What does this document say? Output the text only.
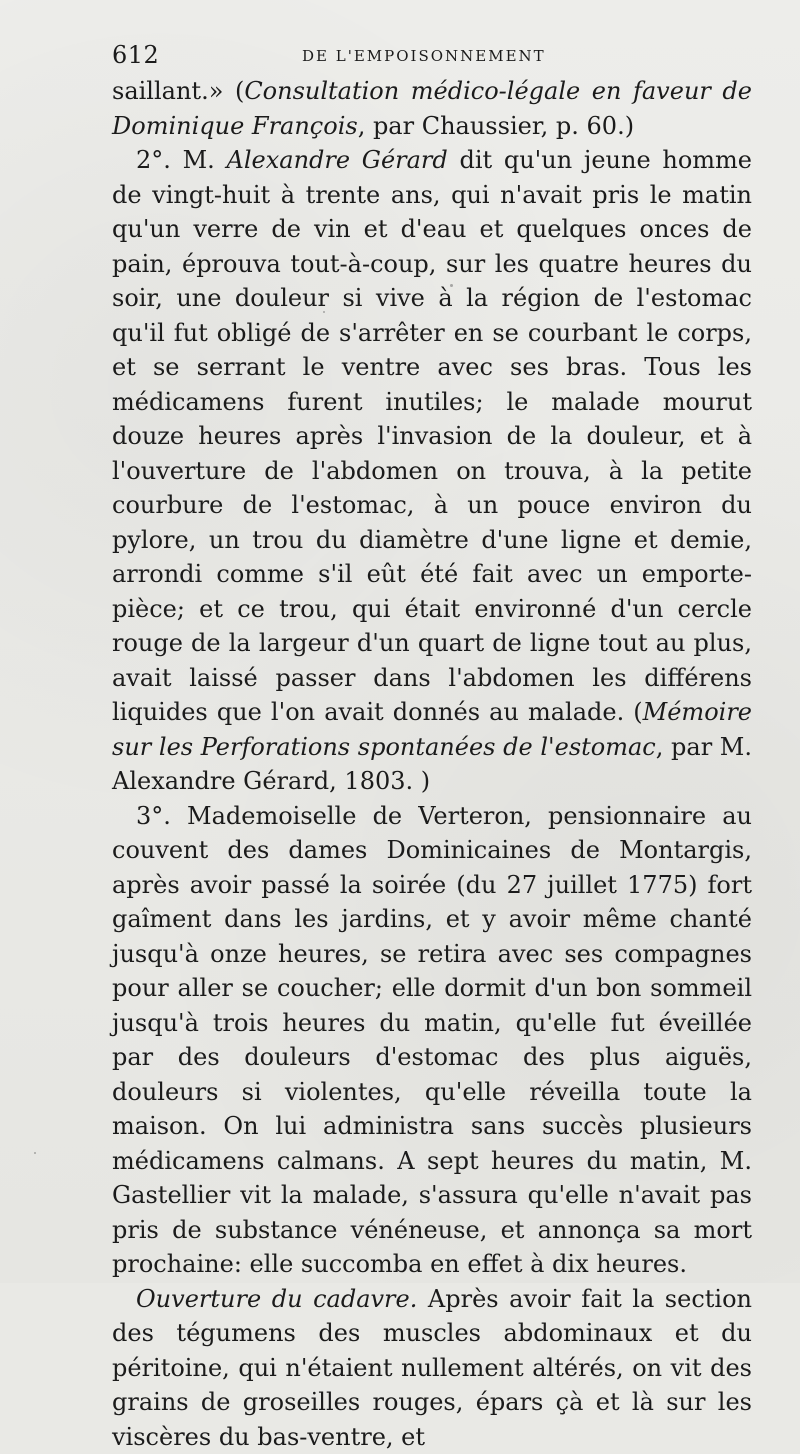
612	DE L'EMPOISONNEMENT

saillant.» (Consultation médico-légale en faveur de Dominique François, par Chaussier, p. 60.)

2°. M. Alexandre Gérard dit qu'un jeune homme de vingt-huit à trente ans, qui n'avait pris le matin qu'un verre de vin et d'eau et quelques onces de pain, éprouva tout-à-coup, sur les quatre heures du soir, une douleur si vive à la région de l'estomac qu'il fut obligé de s'arrêter en se courbant le corps, et se serrant le ventre avec ses bras. Tous les médicamens furent inutiles; le malade mourut douze heures après l'invasion de la douleur, et à l'ouverture de l'abdomen on trouva, à la petite courbure de l'estomac, à un pouce environ du pylore, un trou du diamètre d'une ligne et demie, arrondi comme s'il eût été fait avec un emporte-pièce; et ce trou, qui était environné d'un cercle rouge de la largeur d'un quart de ligne tout au plus, avait laissé passer dans l'abdomen les différens liquides que l'on avait donnés au malade. (Mémoire sur les Perforations spontanées de l'estomac, par M. Alexandre Gérard, 1803. )

3°. Mademoiselle de Verteron, pensionnaire au couvent des dames Dominicaines de Montargis, après avoir passé la soirée (du 27 juillet 1775) fort gaîment dans les jardins, et y avoir même chanté jusqu'à onze heures, se retira avec ses compagnes pour aller se coucher; elle dormit d'un bon sommeil jusqu'à trois heures du matin, qu'elle fut éveillée par des douleurs d'estomac des plus aiguës, douleurs si violentes, qu'elle réveilla toute la maison. On lui administra sans succès plusieurs médicamens calmans. A sept heures du matin, M. Gastellier vit la malade, s'assura qu'elle n'avait pas pris de substance vénéneuse, et annonça sa mort prochaine: elle succomba en effet à dix heures.

Ouverture du cadavre. Après avoir fait la section des tégumens des muscles abdominaux et du péritoine, qui n'étaient nullement altérés, on vit des grains de groseilles rouges, épars çà et là sur les viscères du bas-ventre, et
